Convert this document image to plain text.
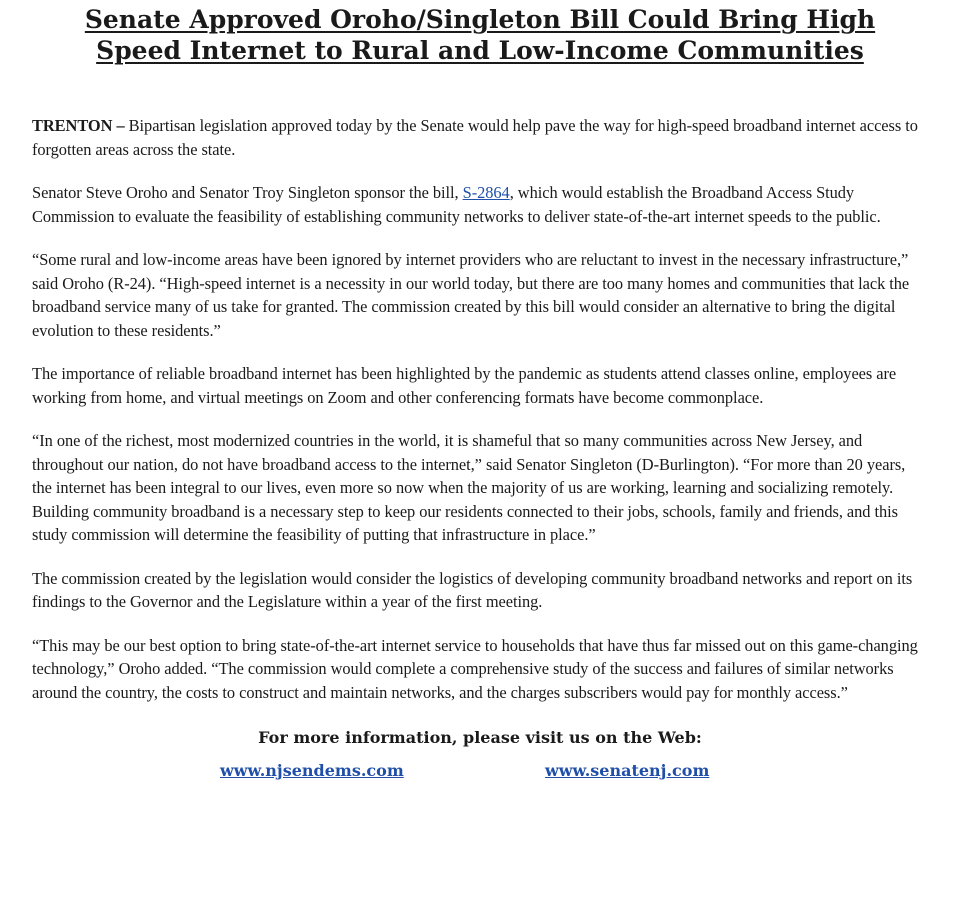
Senate Approved Oroho/Singleton Bill Could Bring High
Speed Internet to Rural and Low-Income Communities

TRENTON – Bipartisan legislation approved today by the Senate would help pave the way for high-speed broadband internet access to forgotten areas across the state.

Senator Steve Oroho and Senator Troy Singleton sponsor the bill, S-2864, which would establish the Broadband Access Study Commission to evaluate the feasibility of establishing community networks to deliver state-of-the-art internet speeds to the public.

“Some rural and low-income areas have been ignored by internet providers who are reluctant to invest in the necessary infrastructure,” said Oroho (R-24). “High-speed internet is a necessity in our world today, but there are too many homes and communities that lack the broadband service many of us take for granted. The commission created by this bill would consider an alternative to bring the digital evolution to these residents.”

The importance of reliable broadband internet has been highlighted by the pandemic as students attend classes online, employees are working from home, and virtual meetings on Zoom and other conferencing formats have become commonplace.

“In one of the richest, most modernized countries in the world, it is shameful that so many communities across New Jersey, and throughout our nation, do not have broadband access to the internet,” said Senator Singleton (D-Burlington). “For more than 20 years, the internet has been integral to our lives, even more so now when the majority of us are working, learning and socializing remotely. Building community broadband is a necessary step to keep our residents connected to their jobs, schools, family and friends, and this study commission will determine the feasibility of putting that infrastructure in place.”

The commission created by the legislation would consider the logistics of developing community broadband networks and report on its findings to the Governor and the Legislature within a year of the first meeting.

“This may be our best option to bring state-of-the-art internet service to households that have thus far missed out on this game-changing technology,” Oroho added. “The commission would complete a comprehensive study of the success and failures of similar networks around the country, the costs to construct and maintain networks, and the charges subscribers would pay for monthly access.”

For more information, please visit us on the Web:
www.njsendems.com	www.senatenj.com
